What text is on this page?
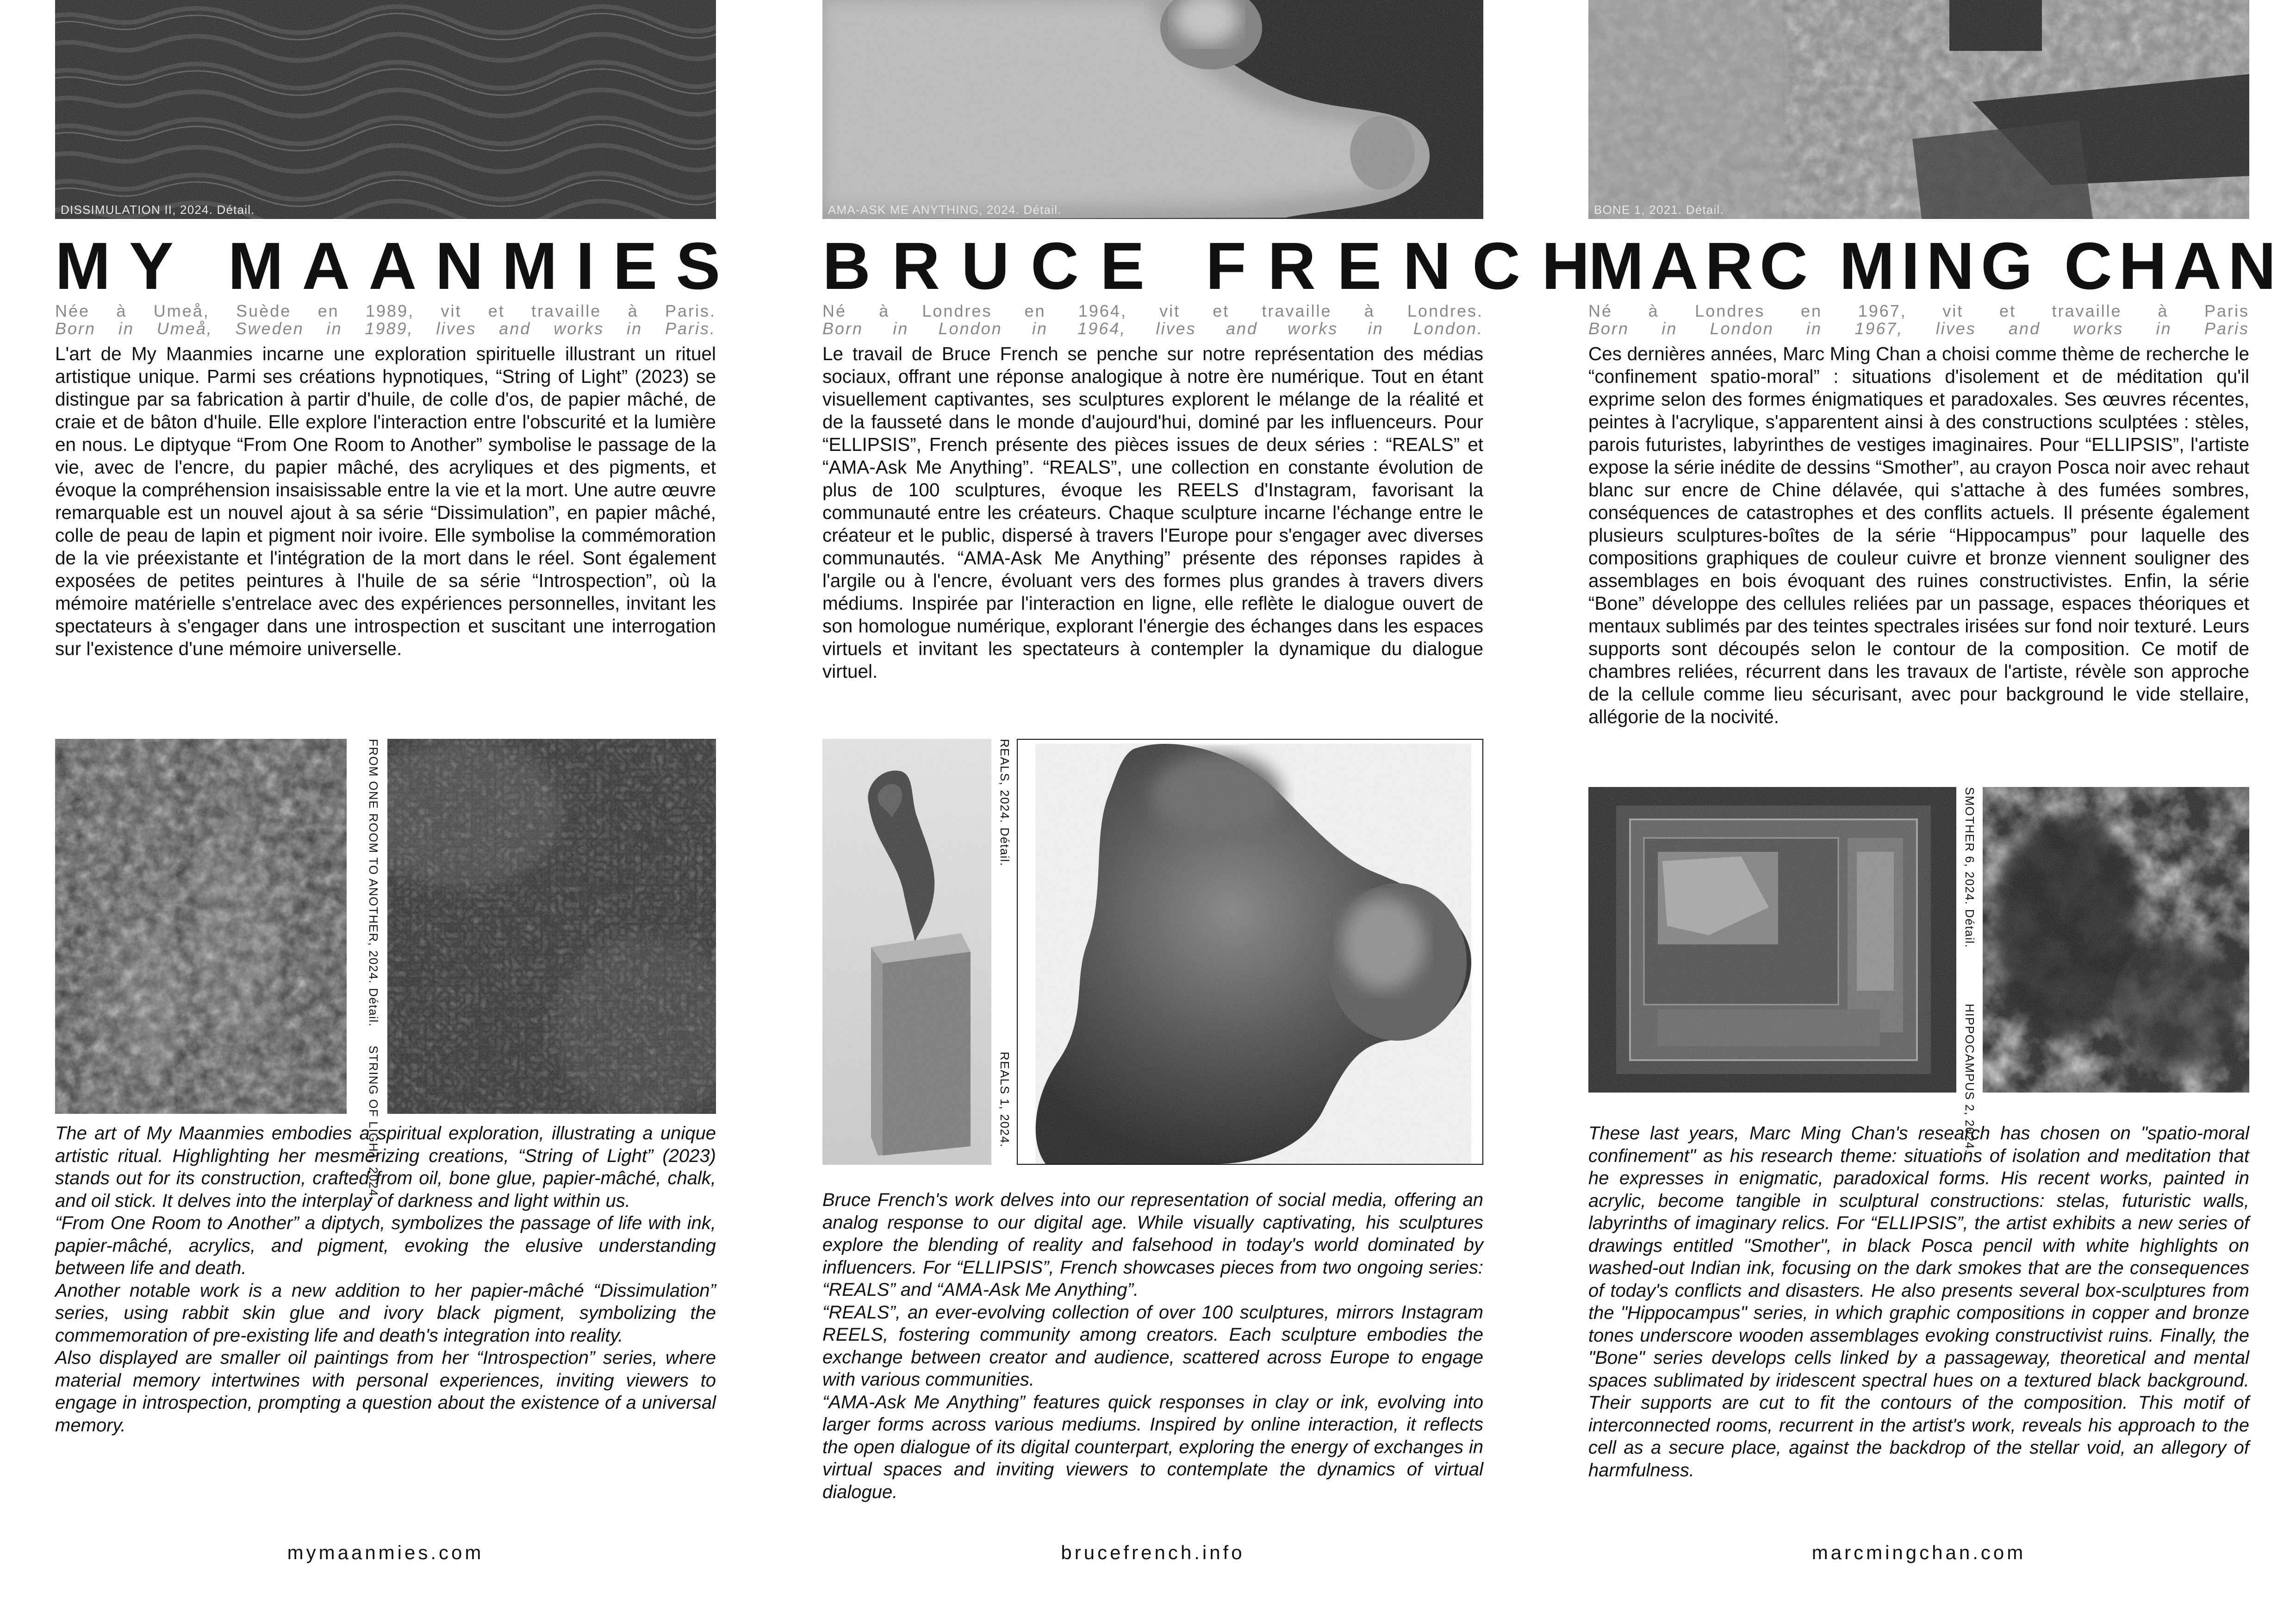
DISSIMULATION II, 2024. Détail.
MY MAANMIES

Née à Umeå, Suède en 1989, vit et travaille à Paris.

Born in Umeå, Sweden in 1989, lives and works in Paris.

L'art de My Maanmies incarne une exploration spirituelle illustrant un rituel artistique unique. Parmi ses créations hypnotiques, “String of Light” (2023) se distingue par sa fabrication à partir d'huile, de colle d'os, de papier mâché, de craie et de bâton d'huile. Elle explore l'interaction entre l'obscurité et la lumière en nous. Le diptyque “From One Room to Another” symbolise le passage de la vie, avec de l'encre, du papier mâché, des acryliques et des pigments, et évoque la compréhension insaisissable entre la vie et la mort. Une autre œuvre remarquable est un nouvel ajout à sa série “Dissimulation”, en papier mâché, colle de peau de lapin et pigment noir ivoire. Elle symbolise la commémoration de la vie préexistante et l'intégration de la mort dans le réel. Sont également exposées de petites peintures à l'huile de sa série “Introspection”, où la mémoire matérielle s'entrelace avec des expériences personnelles, invitant les spectateurs à s'engager dans une introspection et suscitant une interrogation sur l'existence d'une mémoire universelle.

FROM ONE ROOM TO ANOTHER, 2024. Détail.STRING OF LIGHT, 2024.
The art of My Maanmies embodies a spiritual exploration, illustrating a unique artistic ritual. Highlighting her mesmerizing creations, “String of Light” (2023) stands out for its construction, crafted from oil, bone glue, papier-mâché, chalk, and oil stick. It delves into the interplay of darkness and light within us.
“From One Room to Another” a diptych, symbolizes the passage of life with ink, papier-mâché, acrylics, and pigment, evoking the elusive understanding between life and death.
Another notable work is a new addition to her papier-mâché “Dissimulation” series, using rabbit skin glue and ivory black pigment, symbolizing the commemoration of pre-existing life and death's integration into reality.
Also displayed are smaller oil paintings from her “Introspection” series, where material memory intertwines with personal experiences, inviting viewers to engage in introspection, prompting a question about the existence of a universal memory.
mymaanmies.com
AMA-ASK ME ANYTHING, 2024. Détail.
BRUCE FRENCH

Né à Londres en 1964, vit et travaille à Londres.

Born in London in 1964, lives and works in London.

Le travail de Bruce French se penche sur notre représentation des médias sociaux, offrant une réponse analogique à notre ère numérique. Tout en étant visuellement captivantes, ses sculptures explorent le mélange de la réalité et de la fausseté dans le monde d'aujourd'hui, dominé par les influenceurs. Pour “ELLIPSIS”, French présente des pièces issues de deux séries : “REALS” et “AMA-Ask Me Anything”. “REALS”, une collection en constante évolution de plus de 100 sculptures, évoque les REELS d'Instagram, favorisant la communauté entre les créateurs. Chaque sculpture incarne l'échange entre le créateur et le public, dispersé à travers l'Europe pour s'engager avec diverses communautés. “AMA-Ask Me Anything” présente des réponses rapides à l'argile ou à l'encre, évoluant vers des formes plus grandes à travers divers médiums. Inspirée par l'interaction en ligne, elle reflète le dialogue ouvert de son homologue numérique, explorant l'énergie des échanges dans les espaces virtuels et invitant les spectateurs à contempler la dynamique du dialogue virtuel.

REALS, 2024. Détail.REALS 1, 2024.
Bruce French's work delves into our representation of social media, offering an analog response to our digital age. While visually captivating, his sculptures explore the blending of reality and falsehood in today's world dominated by influencers. For “ELLIPSIS”, French showcases pieces from two ongoing series: “REALS” and “AMA-Ask Me Anything”.
“REALS”, an ever-evolving collection of over 100 sculptures, mirrors Instagram REELS, fostering community among creators. Each sculpture embodies the exchange between creator and audience, scattered across Europe to engage with various communities.
“AMA-Ask Me Anything” features quick responses in clay or ink, evolving into larger forms across various mediums. Inspired by online interaction, it reflects the open dialogue of its digital counterpart, exploring the energy of exchanges in virtual spaces and inviting viewers to contemplate the dynamics of virtual dialogue.
brucefrench.info
BONE 1, 2021. Détail.
MARC MING CHAN

Né à Londres en 1967, vit et travaille à Paris

Born in London in 1967, lives and works in Paris

Ces dernières années, Marc Ming Chan a choisi comme thème de recherche le “confinement spatio-moral” : situations d'isolement et de méditation qu'il exprime selon des formes énigmatiques et paradoxales. Ses œuvres récentes, peintes à l'acrylique, s'apparentent ainsi à des constructions sculptées : stèles, parois futuristes, labyrinthes de vestiges imaginaires. Pour “ELLIPSIS”, l'artiste expose la série inédite de dessins “Smother”, au crayon Posca noir avec rehaut blanc sur encre de Chine délavée, qui s'attache à des fumées sombres, conséquences de catastrophes et des conflits actuels. Il présente également plusieurs sculptures-boîtes de la série “Hippocampus” pour laquelle des compositions graphiques de couleur cuivre et bronze viennent souligner des assemblages en bois évoquant des ruines constructivistes. Enfin, la série “Bone” développe des cellules reliées par un passage, espaces théoriques et mentaux sublimés par des teintes spectrales irisées sur fond noir texturé. Leurs supports sont découpés selon le contour de la composition. Ce motif de chambres reliées, récurrent dans les travaux de l'artiste, révèle son approche de la cellule comme lieu sécurisant, avec pour background le vide stellaire, allégorie de la nocivité.

SMOTHER 6, 2024. Détail.HIPPOCAMPUS 2, 2024.
These last years, Marc Ming Chan's research has chosen on "spatio-moral confinement" as his research theme: situations of isolation and meditation that he expresses in enigmatic, paradoxical forms. His recent works, painted in acrylic, become tangible in sculptural constructions: stelas, futuristic walls, labyrinths of imaginary relics. For “ELLIPSIS”, the artist exhibits a new series of drawings entitled "Smother", in black Posca pencil with white highlights on washed-out Indian ink, focusing on the dark smokes that are the consequences of today's conflicts and disasters. He also presents several box-sculptures from the "Hippocampus" series, in which graphic compositions in copper and bronze tones underscore wooden assemblages evoking constructivist ruins. Finally, the "Bone" series develops cells linked by a passageway, theoretical and mental spaces sublimated by iridescent spectral hues on a textured black background. Their supports are cut to fit the contours of the composition. This motif of interconnected rooms, recurrent in the artist's work, reveals his approach to the cell as a secure place, against the backdrop of the stellar void, an allegory of harmfulness.
marcmingchan.com
